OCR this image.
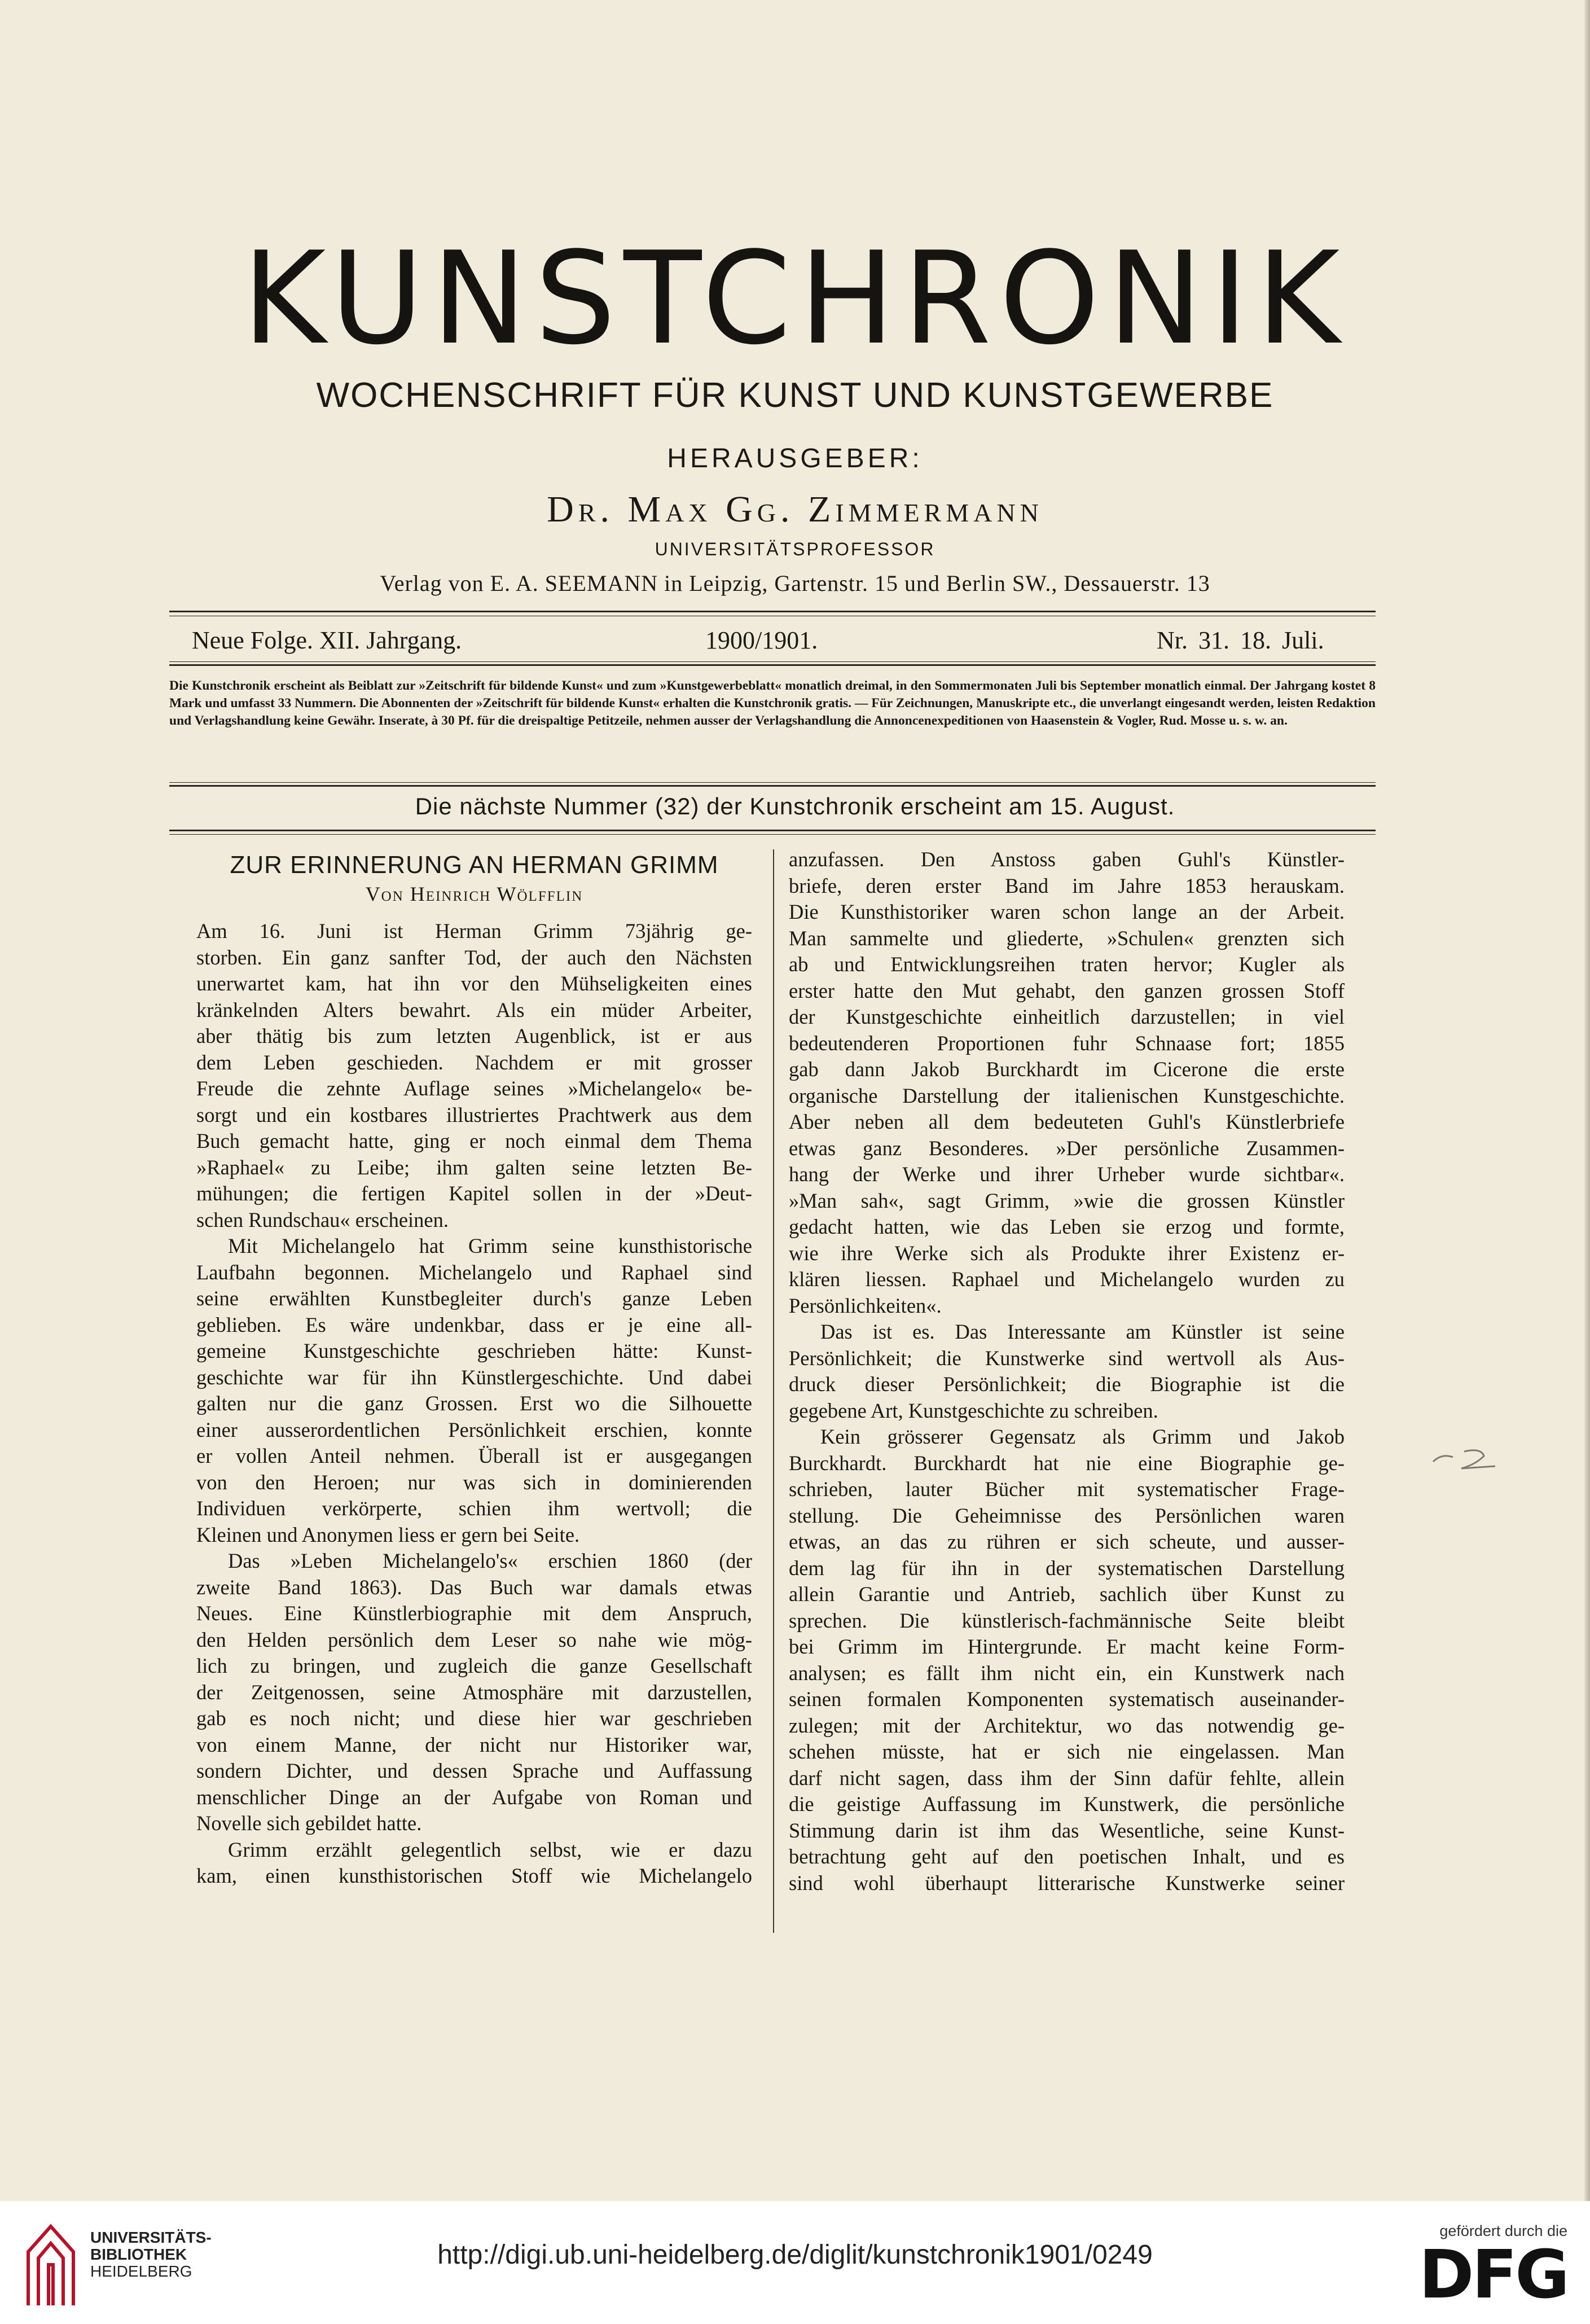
KUNSTCHRONIK
WOCHENSCHRIFT FÜR KUNST UND KUNSTGEWERBE
HERAUSGEBER:
Dr. Max Gg. Zimmermann
UNIVERSITÄTSPROFESSOR
Verlag von E. A. SEEMANN in Leipzig, Gartenstr. 15 und Berlin SW., Dessauerstr. 13
Neue Folge. XII. Jahrgang.	1900/1901.	Nr. 31. 18. Juli.
Die Kunstchronik erscheint als Beiblatt zur »Zeitschrift für bildende Kunst« und zum »Kunstgewerbeblatt« monatlich dreimal, in den Sommermonaten Juli bis September monatlich einmal. Der Jahrgang kostet 8 Mark und umfasst 33 Nummern. Die Abonnenten der »Zeitschrift für bildende Kunst« erhalten die Kunstchronik gratis. — Für Zeichnungen, Manuskripte etc., die unverlangt eingesandt werden, leisten Redaktion und Verlagshandlung keine Gewähr. Inserate, à 30 Pf. für die dreispaltige Petitzeile, nehmen ausser der Verlagshandlung die Annoncenexpeditionen von Haasenstein & Vogler, Rud. Mosse u. s. w. an.
Die nächste Nummer (32) der Kunstchronik erscheint am 15. August.
ZUR ERINNERUNG AN HERMAN GRIMM
Von Heinrich Wölfflin
Am 16. Juni ist Herman Grimm 73jährig ge-
storben. Ein ganz sanfter Tod, der auch den Nächsten
unerwartet kam, hat ihn vor den Mühseligkeiten eines
kränkelnden Alters bewahrt. Als ein müder Arbeiter,
aber thätig bis zum letzten Augenblick, ist er aus
dem Leben geschieden. Nachdem er mit grosser
Freude die zehnte Auflage seines »Michelangelo« be-
sorgt und ein kostbares illustriertes Prachtwerk aus dem
Buch gemacht hatte, ging er noch einmal dem Thema
»Raphael« zu Leibe; ihm galten seine letzten Be-
mühungen; die fertigen Kapitel sollen in der »Deut-
schen Rundschau« erscheinen.
Mit Michelangelo hat Grimm seine kunsthistorische
Laufbahn begonnen. Michelangelo und Raphael sind
seine erwählten Kunstbegleiter durch's ganze Leben
geblieben. Es wäre undenkbar, dass er je eine all-
gemeine Kunstgeschichte geschrieben hätte: Kunst-
geschichte war für ihn Künstlergeschichte. Und dabei
galten nur die ganz Grossen. Erst wo die Silhouette
einer ausserordentlichen Persönlichkeit erschien, konnte
er vollen Anteil nehmen. Überall ist er ausgegangen
von den Heroen; nur was sich in dominierenden
Individuen verkörperte, schien ihm wertvoll; die
Kleinen und Anonymen liess er gern bei Seite.
Das »Leben Michelangelo's« erschien 1860 (der
zweite Band 1863). Das Buch war damals etwas
Neues. Eine Künstlerbiographie mit dem Anspruch,
den Helden persönlich dem Leser so nahe wie mög-
lich zu bringen, und zugleich die ganze Gesellschaft
der Zeitgenossen, seine Atmosphäre mit darzustellen,
gab es noch nicht; und diese hier war geschrieben
von einem Manne, der nicht nur Historiker war,
sondern Dichter, und dessen Sprache und Auffassung
menschlicher Dinge an der Aufgabe von Roman und
Novelle sich gebildet hatte.
Grimm erzählt gelegentlich selbst, wie er dazu
kam, einen kunsthistorischen Stoff wie Michelangelo
anzufassen. Den Anstoss gaben Guhl's Künstler-
briefe, deren erster Band im Jahre 1853 herauskam.
Die Kunsthistoriker waren schon lange an der Arbeit.
Man sammelte und gliederte, »Schulen« grenzten sich
ab und Entwicklungsreihen traten hervor; Kugler als
erster hatte den Mut gehabt, den ganzen grossen Stoff
der Kunstgeschichte einheitlich darzustellen; in viel
bedeutenderen Proportionen fuhr Schnaase fort; 1855
gab dann Jakob Burckhardt im Cicerone die erste
organische Darstellung der italienischen Kunstgeschichte.
Aber neben all dem bedeuteten Guhl's Künstlerbriefe
etwas ganz Besonderes. »Der persönliche Zusammen-
hang der Werke und ihrer Urheber wurde sichtbar«.
»Man sah«, sagt Grimm, »wie die grossen Künstler
gedacht hatten, wie das Leben sie erzog und formte,
wie ihre Werke sich als Produkte ihrer Existenz er-
klären liessen. Raphael und Michelangelo wurden zu
Persönlichkeiten«.
Das ist es. Das Interessante am Künstler ist seine
Persönlichkeit; die Kunstwerke sind wertvoll als Aus-
druck dieser Persönlichkeit; die Biographie ist die
gegebene Art, Kunstgeschichte zu schreiben.
Kein grösserer Gegensatz als Grimm und Jakob
Burckhardt. Burckhardt hat nie eine Biographie ge-
schrieben, lauter Bücher mit systematischer Frage-
stellung. Die Geheimnisse des Persönlichen waren
etwas, an das zu rühren er sich scheute, und ausser-
dem lag für ihn in der systematischen Darstellung
allein Garantie und Antrieb, sachlich über Kunst zu
sprechen. Die künstlerisch-fachmännische Seite bleibt
bei Grimm im Hintergrunde. Er macht keine Form-
analysen; es fällt ihm nicht ein, ein Kunstwerk nach
seinen formalen Komponenten systematisch auseinander-
zulegen; mit der Architektur, wo das notwendig ge-
schehen müsste, hat er sich nie eingelassen. Man
darf nicht sagen, dass ihm der Sinn dafür fehlte, allein
die geistige Auffassung im Kunstwerk, die persönliche
Stimmung darin ist ihm das Wesentliche, seine Kunst-
betrachtung geht auf den poetischen Inhalt, und es
sind wohl überhaupt litterarische Kunstwerke seiner
UNIVERSITÄTS-
BIBLIOTHEK
HEIDELBERG
http://digi.ub.uni-heidelberg.de/diglit/kunstchronik1901/0249
gefördert durch die
DFG
